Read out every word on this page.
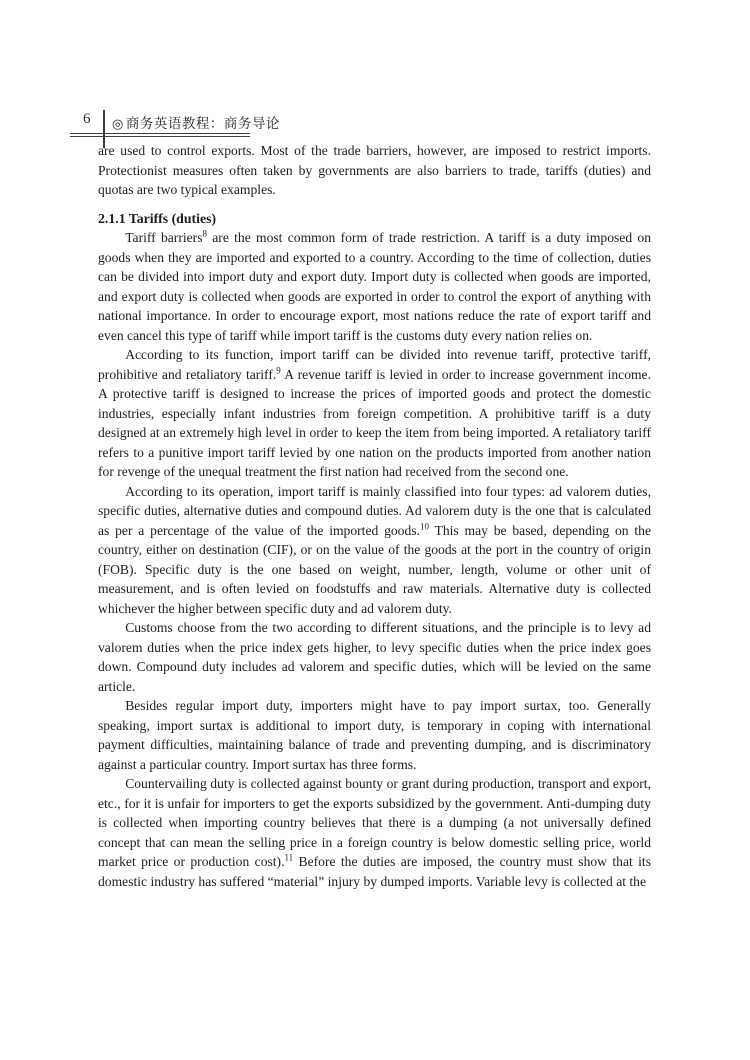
6 ◎ 商务英语教程：商务导论

are used to control exports. Most of the trade barriers, however, are imposed to restrict imports. Protectionist measures often taken by governments are also barriers to trade, tariffs (duties) and quotas are two typical examples.

2.1.1 Tariffs (duties)

Tariff barriers$^8$ are the most common form of trade restriction. A tariff is a duty imposed on goods when they are imported and exported to a country. According to the time of collection, duties can be divided into import duty and export duty. Import duty is collected when goods are imported, and export duty is collected when goods are exported in order to control the export of anything with national importance. In order to encourage export, most nations reduce the rate of export tariff and even cancel this type of tariff while import tariff is the customs duty every nation relies on.

According to its function, import tariff can be divided into revenue tariff, protective tariff, prohibitive and retaliatory tariff.$^9$ A revenue tariff is levied in order to increase government income. A protective tariff is designed to increase the prices of imported goods and protect the domestic industries, especially infant industries from foreign competition. A prohibitive tariff is a duty designed at an extremely high level in order to keep the item from being imported. A retaliatory tariff refers to a punitive import tariff levied by one nation on the products imported from another nation for revenge of the unequal treatment the first nation had received from the second one.

According to its operation, import tariff is mainly classified into four types: ad valorem duties, specific duties, alternative duties and compound duties. Ad valorem duty is the one that is calculated as per a percentage of the value of the imported goods.$^{10}$ This may be based, depending on the country, either on destination (CIF), or on the value of the goods at the port in the country of origin (FOB). Specific duty is the one based on weight, number, length, volume or other unit of measurement, and is often levied on foodstuffs and raw materials. Alternative duty is collected whichever the higher between specific duty and ad valorem duty.

Customs choose from the two according to different situations, and the principle is to levy ad valorem duties when the price index gets higher, to levy specific duties when the price index goes down. Compound duty includes ad valorem and specific duties, which will be levied on the same article.

Besides regular import duty, importers might have to pay import surtax, too. Generally speaking, import surtax is additional to import duty, is temporary in coping with international payment difficulties, maintaining balance of trade and preventing dumping, and is discriminatory against a particular country. Import surtax has three forms.

Countervailing duty is collected against bounty or grant during production, transport and export, etc., for it is unfair for importers to get the exports subsidized by the government. Anti-dumping duty is collected when importing country believes that there is a dumping (a not universally defined concept that can mean the selling price in a foreign country is below domestic selling price, world market price or production cost).$^{11}$ Before the duties are imposed, the country must show that its domestic industry has suffered “material” injury by dumped imports. Variable levy is collected at the
